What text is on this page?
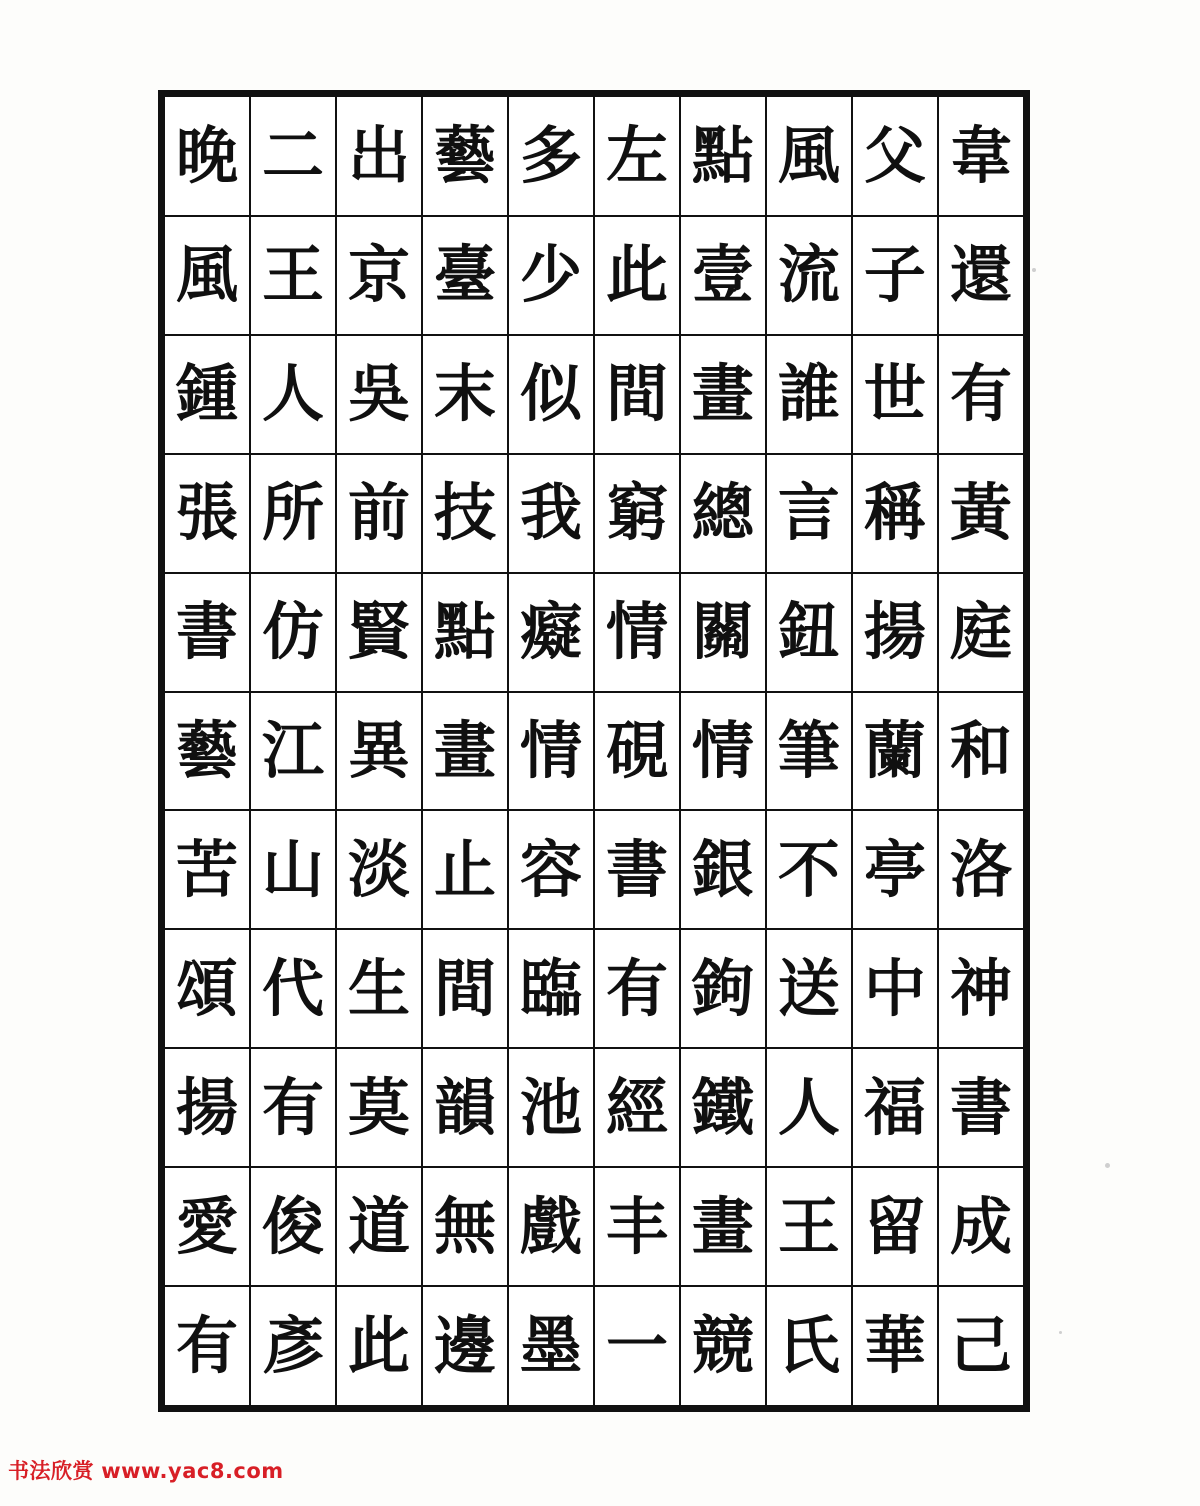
晚	二	出	藝	多	左	點	風	父	韋

風	王	京	臺	少	此	壹	流	子	還

鍾	人	吳	末	似	間	畫	誰	世	有

張	所	前	技	我	窮	總	言	稱	黃

書	仿	賢	點	癡	情	關	鈕	揚	庭

藝	江	異	畫	情	硯	情	筆	蘭	和

苦	山	淡	止	容	書	銀	不	亭	洛

頌	代	生	間	臨	有	鉤	送	中	神

揚	有	莫	韻	池	經	鐵	人	福	書

愛	俊	道	無	戲	丰	畫	王	留	成

有	彥	此	邊	墨	一	競	氏	華	己
书法欣赏 www.yac8.com
